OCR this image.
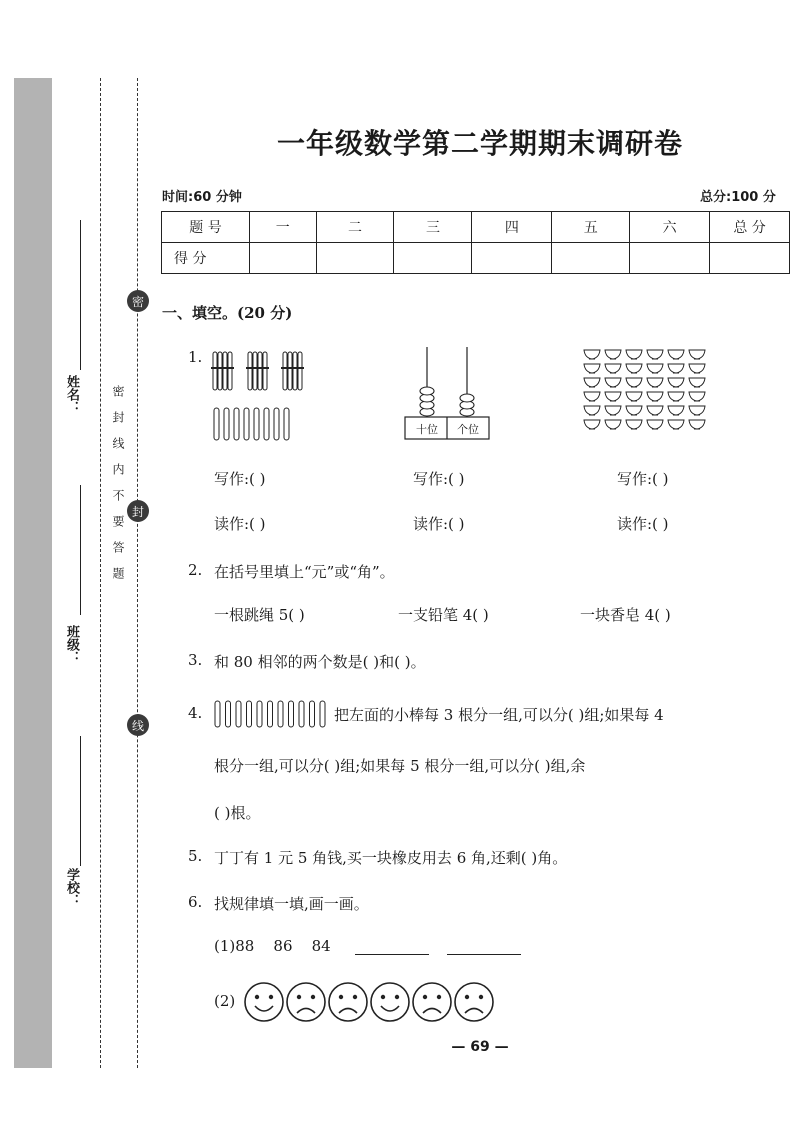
学校：
班级：
姓名：	密封线内不要答题
密
封
线
一年级数学第二学期期末调研卷
时间:60 分钟	总分:100 分
题 号	一	二	三	四	五	六	总 分
得 分							
一、填空。(20 分)
1.
十位	个位
写作:( )	写作:( )	写作:( )
读作:( )	读作:( )	读作:( )
2. 在括号里填上“元”或“角”。
一根跳绳 5( )	一支铅笔 4( )	一块香皂 4( )
3. 和 80 相邻的两个数是( )和( )。
4.	把左面的小棒每 3 根分一组,可以分( )组;如果每 4
根分一组,可以分( )组;如果每 5 根分一组,可以分( )组,余
( )根。
5. 丁丁有 1 元 5 角钱,买一块橡皮用去 6 角,还剩( )角。
6. 找规律填一填,画一画。
(1)88 86 84
(2)
— 69 —
